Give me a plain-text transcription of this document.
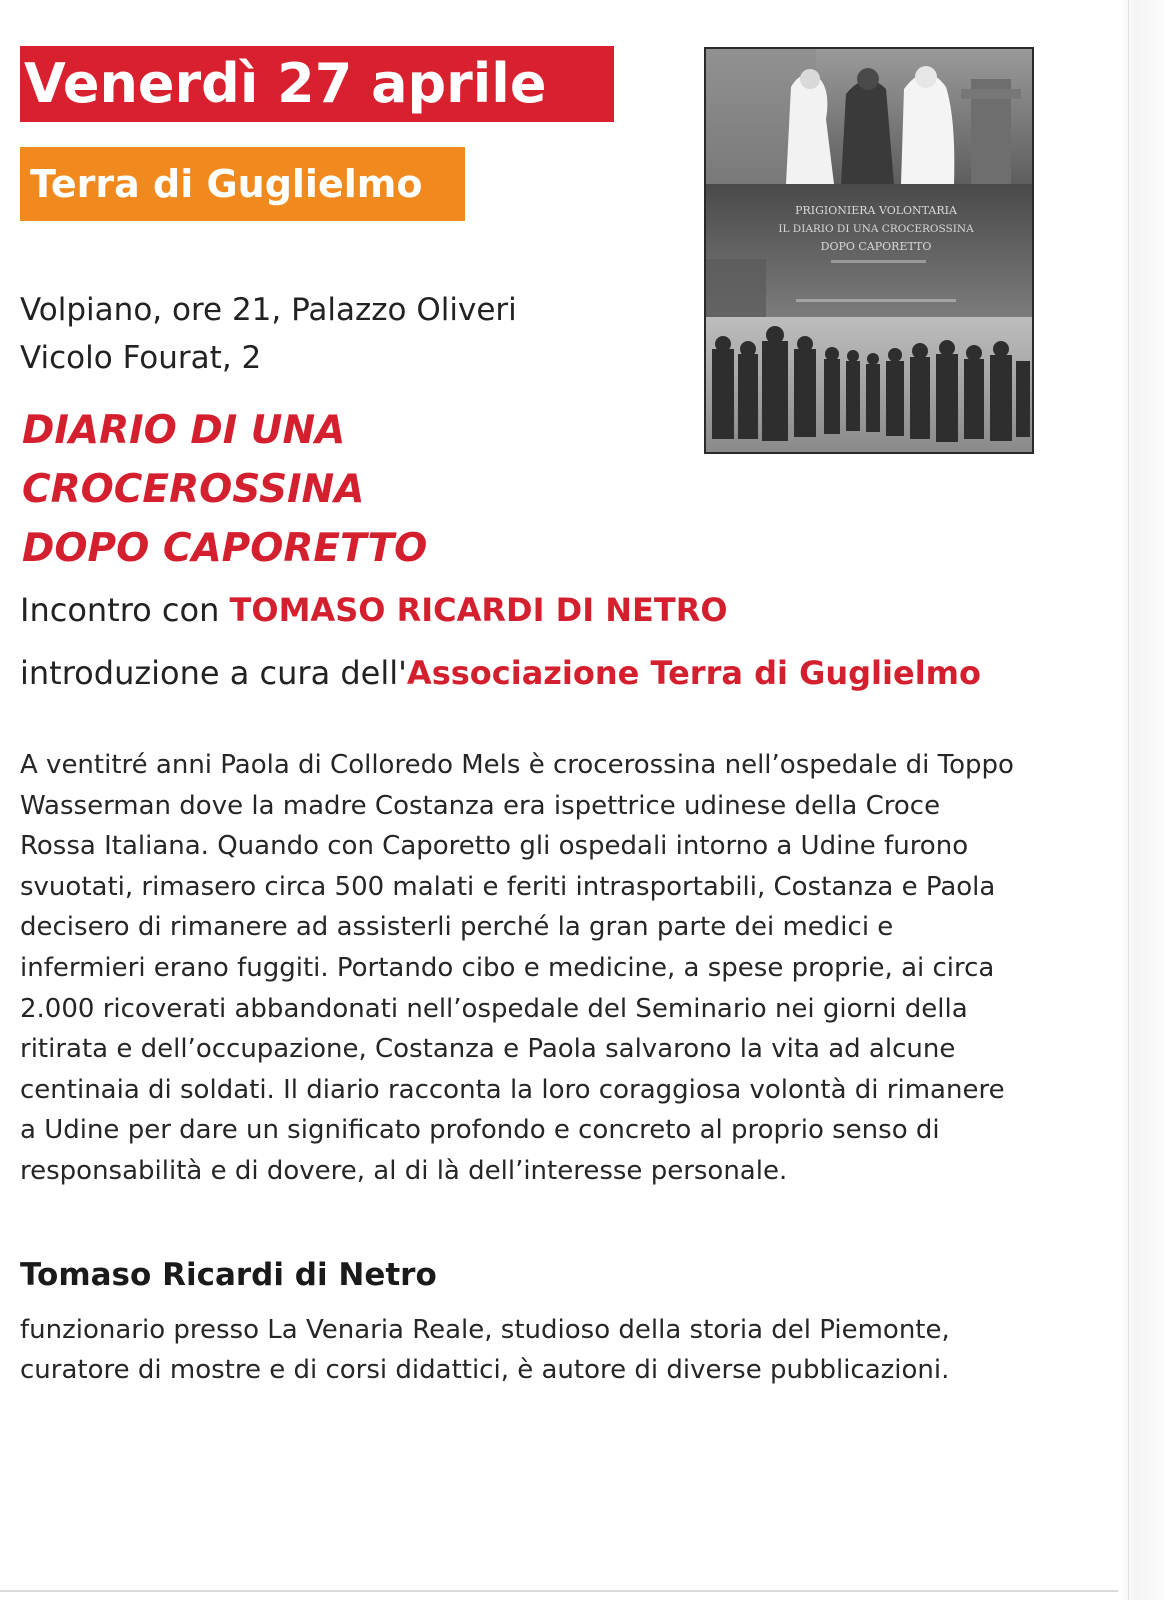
Venerdì 27 aprile
Terra di Guglielmo
Volpiano, ore 21, Palazzo Oliveri
Vicolo Fourat, 2
DIARIO DI UNA
CROCEROSSINA
DOPO CAPORETTO
Incontro con TOMASO RICARDI DI NETRO
introduzione a cura dell'Associazione Terra di Guglielmo

A ventitré anni Paola di Colloredo Mels è crocerossina nell’ospedale di Toppo Wasserman dove la madre Costanza era ispettrice udinese della Croce Rossa Italiana. Quando con Caporetto gli ospedali intorno a Udine furono svuotati, rimasero circa 500 malati e feriti intrasportabili, Costanza e Paola decisero di rimanere ad assisterli perché la gran parte dei medici e infermieri erano fuggiti. Portando cibo e medicine, a spese proprie, ai circa 2.000 ricoverati abbandonati nell’ospedale del Seminario nei giorni della ritirata e dell’occupazione, Costanza e Paola salvarono la vita ad alcune centinaia di soldati. Il diario racconta la loro coraggiosa volontà di rimanere a Udine per dare un significato profondo e concreto al proprio senso di responsabilità e di dovere, al di là dell’interesse personale.

Tomaso Ricardi di Netro

funzionario presso La Venaria Reale, studioso della storia del Piemonte, curatore di mostre e di corsi didattici, è autore di diverse pubblicazioni.

PRIGIONIERA VOLONTARIA
IL DIARIO DI UNA CROCEROSSINA
DOPO CAPORETTO
